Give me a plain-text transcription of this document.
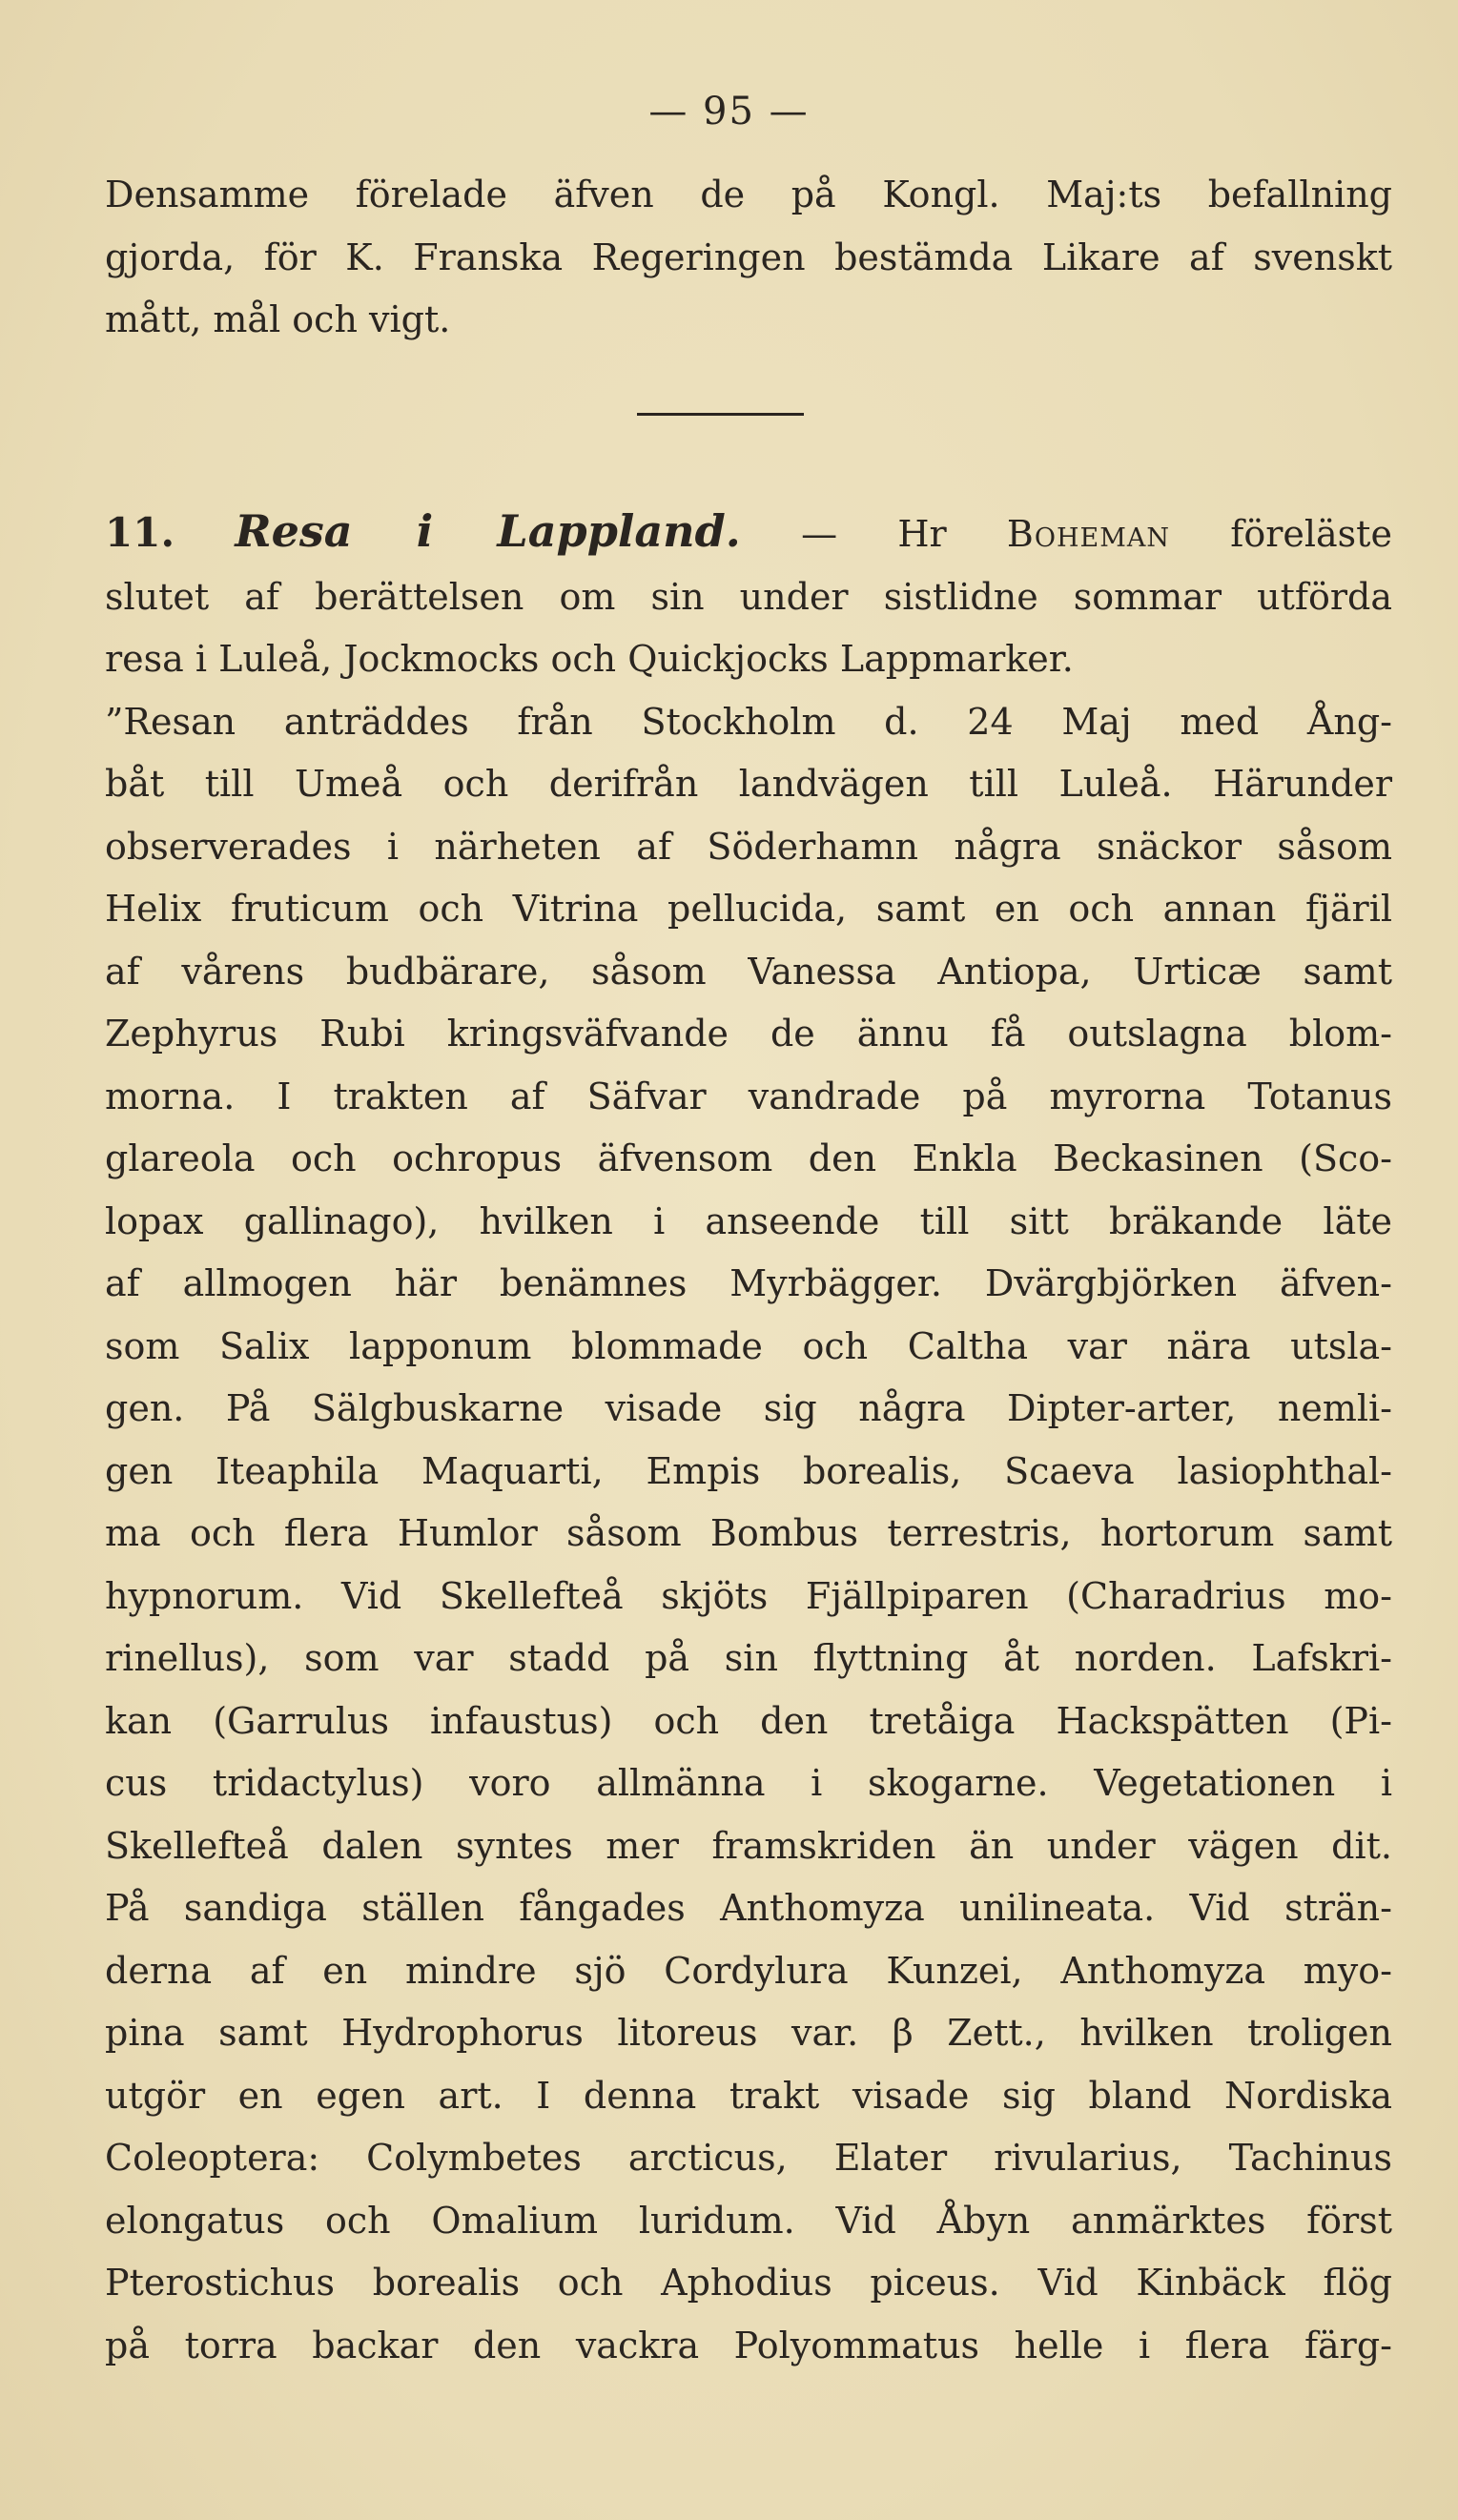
— 95 —
Densamme förelade äfven de på Kongl. Maj:ts befallning
gjorda, för K. Franska Regeringen bestämda Likare af svenskt
mått, mål och vigt.
11. Resa i Lappland. — Hr Boheman föreläste
slutet af berättelsen om sin under sistlidne sommar utförda
resa i Luleå, Jockmocks och Quickjocks Lappmarker.
”Resan anträddes från Stockholm d. 24 Maj med Ång-
båt till Umeå och derifrån landvägen till Luleå. Härunder
observerades i närheten af Söderhamn några snäckor såsom
Helix fruticum och Vitrina pellucida, samt en och annan fjäril
af vårens budbärare, såsom Vanessa Antiopa, Urticæ samt
Zephyrus Rubi kringsväfvande de ännu få outslagna blom-
morna. I trakten af Säfvar vandrade på myrorna Totanus
glareola och ochropus äfvensom den Enkla Beckasinen (Sco-
lopax gallinago), hvilken i anseende till sitt bräkande läte
af allmogen här benämnes Myrbägger. Dvärgbjörken äfven-
som Salix lapponum blommade och Caltha var nära utsla-
gen. På Sälgbuskarne visade sig några Dipter-arter, nemli-
gen Iteaphila Maquarti, Empis borealis, Scaeva lasiophthal-
ma och flera Humlor såsom Bombus terrestris, hortorum samt
hypnorum. Vid Skellefteå skjöts Fjällpiparen (Charadrius mo-
rinellus), som var stadd på sin flyttning åt norden. Lafskri-
kan (Garrulus infaustus) och den tretåiga Hackspätten (Pi-
cus tridactylus) voro allmänna i skogarne. Vegetationen i
Skellefteå dalen syntes mer framskriden än under vägen dit.
På sandiga ställen fångades Anthomyza unilineata. Vid strän-
derna af en mindre sjö Cordylura Kunzei, Anthomyza myo-
pina samt Hydrophorus litoreus var. β Zett., hvilken troligen
utgör en egen art. I denna trakt visade sig bland Nordiska
Coleoptera: Colymbetes arcticus, Elater rivularius, Tachinus
elongatus och Omalium luridum. Vid Åbyn anmärktes först
Pterostichus borealis och Aphodius piceus. Vid Kinbäck flög
på torra backar den vackra Polyommatus helle i flera färg-
